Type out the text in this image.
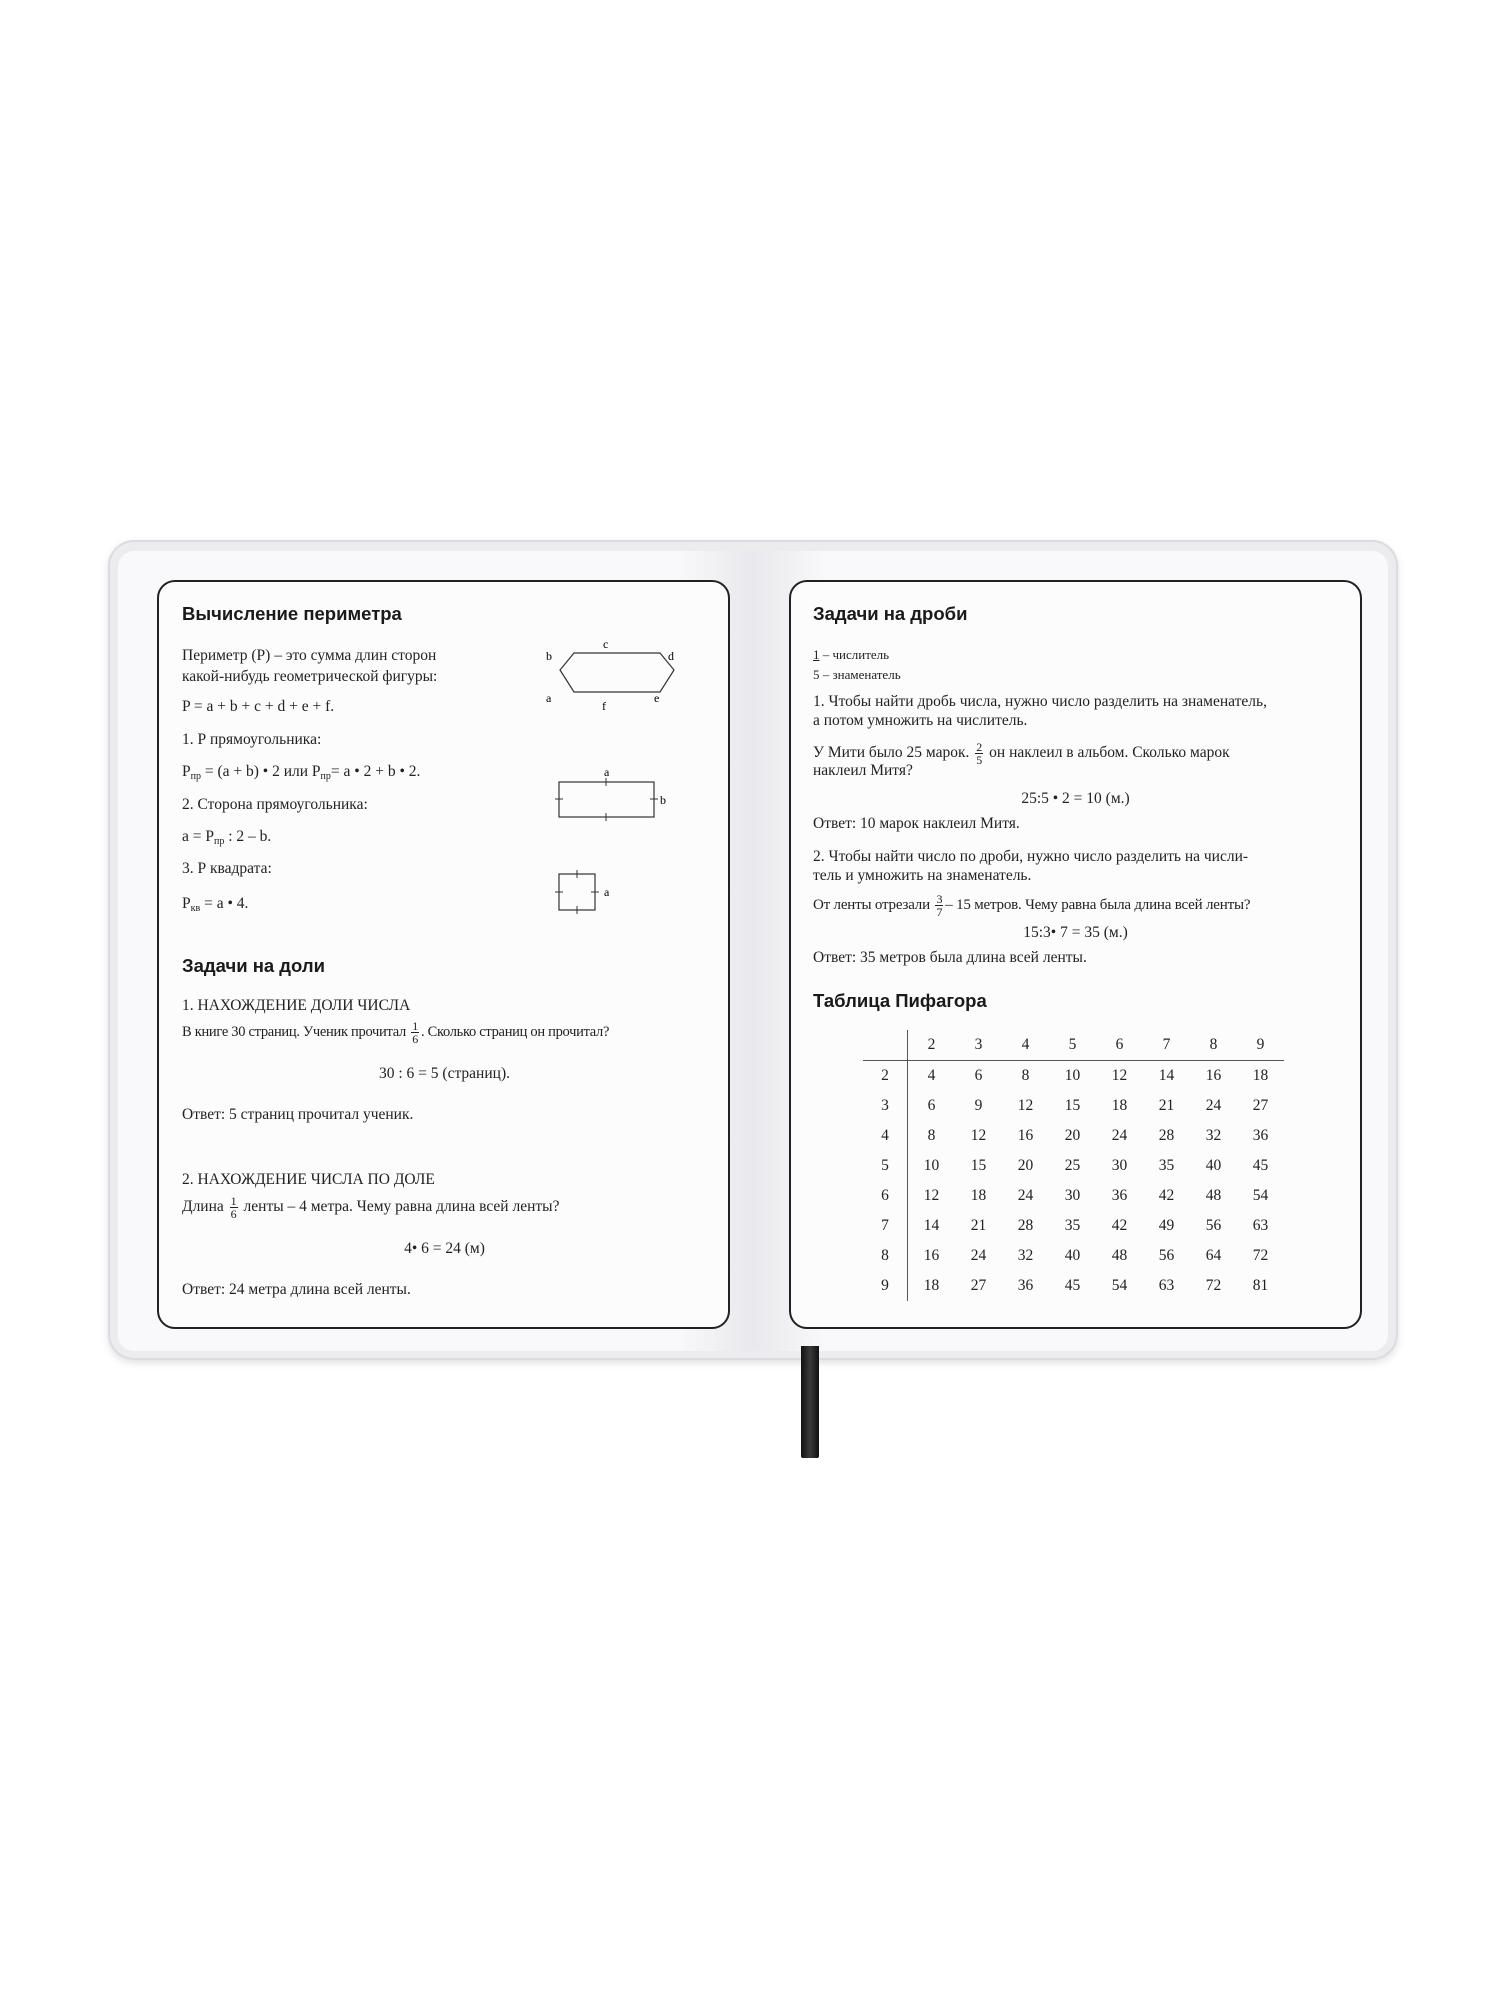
Вычисление периметра
Периметр (Р) – это сумма длин сторон
какой-нибудь геометрической фигуры:
P = a + b + c + d + e + f.
1. Р прямоугольника:
$P_{пр} = (a + b)$ • 2 или $P_{пр}= a$ • 2 + b • 2.
2. Сторона прямоугольника:
$a = P_{пр}$ : 2 – b.
3. Р квадрата:
$P_{кв} = a$ • 4.
c
b	d
a	e
f
a
b
a
Задачи на доли
1. НАХОЖДЕНИЕ ДОЛИ ЧИСЛА
В книге 30 страниц. Ученик прочитал $\frac{1}{6}$ . Сколько страниц он прочитал?
30 : 6 = 5 (страниц).
Ответ: 5 страниц прочитал ученик.
2. НАХОЖДЕНИЕ ЧИСЛА ПО ДОЛЕ
Длина $\frac{1}{6}$ ленты – 4 метра. Чему равна длина всей ленты?
4• 6 = 24 (м)
Ответ: 24 метра длина всей ленты.
Задачи на дроби
1 – числитель
5 – знаменатель
1. Чтобы найти дробь числа, нужно число разделить на знаменатель,
а потом умножить на числитель.
У Мити было 25 марок. $\frac{2}{5}$ он наклеил в альбом. Сколько марок
наклеил Митя?
25:5 • 2 = 10 (м.)
Ответ: 10 марок наклеил Митя.
2. Чтобы найти число по дроби, нужно число разделить на числи-
тель и умножить на знаменатель.
От ленты отрезали $\frac{3}{7} - 15$ метров. Чему равна была длина всей ленты?
15:3• 7 = 35 (м.)
Ответ: 35 метров была длина всей ленты.
Таблица Пифагора
	2	3	4	5	6	7	8	9
2	4	6	8	10	12	14	16	18
3	6	9	12	15	18	21	24	27
4	8	12	16	20	24	28	32	36
5	10	15	20	25	30	35	40	45
6	12	18	24	30	36	42	48	54
7	14	21	28	35	42	49	56	63
8	16	24	32	40	48	56	64	72
9	18	27	36	45	54	63	72	81
